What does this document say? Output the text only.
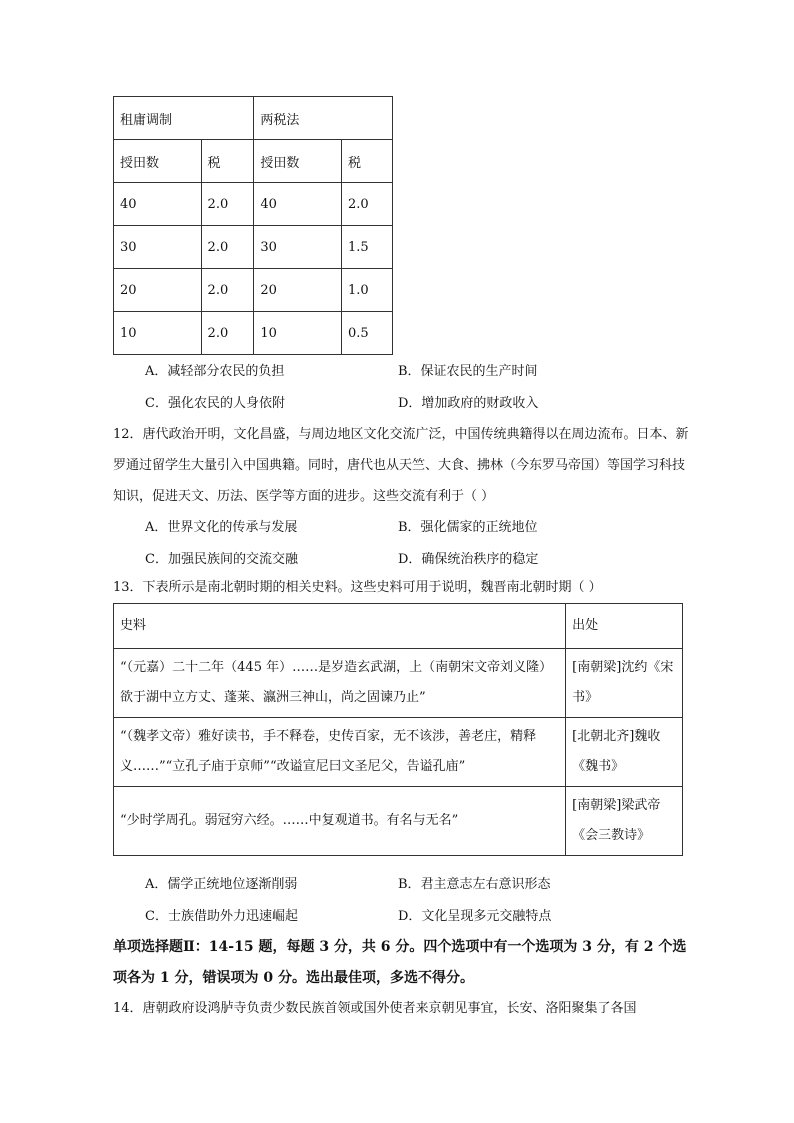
租庸调制		两税法	
授田数	税	授田数	税
40	2.0	40	2.0
30	2.0	30	1.5
20	2.0	20	1.0
10	2.0	10	0.5
A．减轻部分农民的负担	B．保证农民的生产时间
C．强化农民的人身依附	D．增加政府的财政收入
12．唐代政治开明，文化昌盛，与周边地区文化交流广泛，中国传统典籍得以在周边流布。日本、新罗通过留学生大量引入中国典籍。同时，唐代也从天竺、大食、拂林（今东罗马帝国）等国学习科技知识，促进天文、历法、医学等方面的进步。这些交流有利于（ ）
A．世界文化的传承与发展	B．强化儒家的正统地位
C．加强民族间的交流交融	D．确保统治秩序的稳定
13．下表所示是南北朝时期的相关史料。这些史料可用于说明，魏晋南北朝时期（ ）
史料	出处
“（元嘉）二十二年（445 年）……是岁造玄武湖，上（南朝宋文帝刘义隆）欲于湖中立方丈、蓬莱、瀛洲三神山，尚之固谏乃止”	[南朝梁]沈约《宋书》
“（魏孝文帝）雅好读书，手不释卷，史传百家，无不该涉，善老庄，精释义……”“立孔子庙于京师”“改谥宣尼曰文圣尼父，告谥孔庙”	[北朝北齐]魏收《魏书》
“少时学周孔。弱冠穷六经。……中复观道书。有名与无名”	[南朝梁]梁武帝《会三教诗》
A．儒学正统地位逐渐削弱	B．君主意志左右意识形态
C．士族借助外力迅速崛起	D．文化呈现多元交融特点
单项选择题Ⅱ：14-15 题，每题 3 分，共 6 分。四个选项中有一个选项为 3 分，有 2 个选项各为 1 分，错误项为 0 分。选出最佳项，多选不得分。
14．唐朝政府设鸿胪寺负责少数民族首领或国外使者来京朝见事宜，长安、洛阳聚集了各国
